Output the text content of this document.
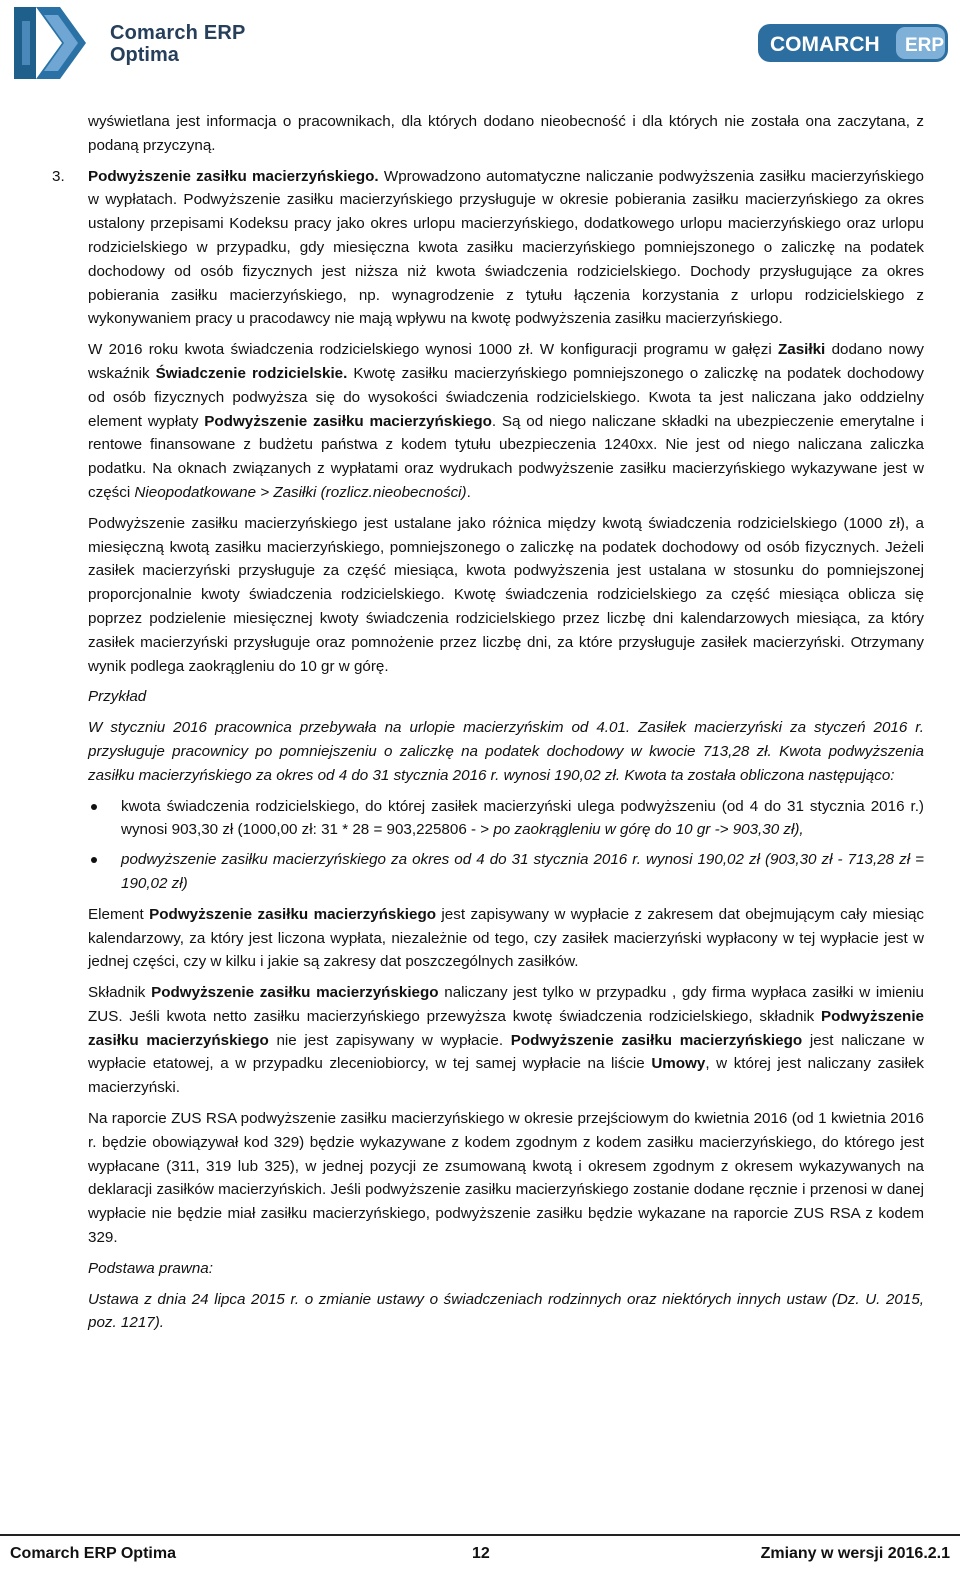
Comarch ERP
Optima	COMARCH ERP

wyświetlana jest informacja o pracownikach, dla których dodano nieobecność i dla których nie została ona zaczytana, z podaną przyczyną.

3. Podwyższenie zasiłku macierzyńskiego. Wprowadzono automatyczne naliczanie podwyższenia zasiłku macierzyńskiego w wypłatach. Podwyższenie zasiłku macierzyńskiego przysługuje w okresie pobierania zasiłku macierzyńskiego za okres ustalony przepisami Kodeksu pracy jako okres urlopu macierzyńskiego, dodatkowego urlopu macierzyńskiego oraz urlopu rodzicielskiego w przypadku, gdy miesięczna kwota zasiłku macierzyńskiego pomniejszonego o zaliczkę na podatek dochodowy od osób fizycznych jest niższa niż kwota świadczenia rodzicielskiego. Dochody przysługujące za okres pobierania zasiłku macierzyńskiego, np. wynagrodzenie z tytułu łączenia korzystania z urlopu rodzicielskiego z wykonywaniem pracy u pracodawcy nie mają wpływu na kwotę podwyższenia zasiłku macierzyńskiego.

W 2016 roku kwota świadczenia rodzicielskiego wynosi 1000 zł. W konfiguracji programu w gałęzi Zasiłki dodano nowy wskaźnik Świadczenie rodzicielskie. Kwotę zasiłku macierzyńskiego pomniejszonego o zaliczkę na podatek dochodowy od osób fizycznych podwyższa się do wysokości świadczenia rodzicielskiego. Kwota ta jest naliczana jako oddzielny element wypłaty Podwyższenie zasiłku macierzyńskiego. Są od niego naliczane składki na ubezpieczenie emerytalne i rentowe finansowane z budżetu państwa z kodem tytułu ubezpieczenia 1240xx. Nie jest od niego naliczana zaliczka podatku. Na oknach związanych z wypłatami oraz wydrukach podwyższenie zasiłku macierzyńskiego wykazywane jest w części Nieopodatkowane > Zasiłki (rozlicz.nieobecności).

Podwyższenie zasiłku macierzyńskiego jest ustalane jako różnica między kwotą świadczenia rodzicielskiego (1000 zł), a miesięczną kwotą zasiłku macierzyńskiego, pomniejszonego o zaliczkę na podatek dochodowy od osób fizycznych. Jeżeli zasiłek macierzyński przysługuje za część miesiąca, kwota podwyższenia jest ustalana w stosunku do pomniejszonej proporcjonalnie kwoty świadczenia rodzicielskiego. Kwotę świadczenia rodzicielskiego za część miesiąca oblicza się poprzez podzielenie miesięcznej kwoty świadczenia rodzicielskiego przez liczbę dni kalendarzowych miesiąca, za który zasiłek macierzyński przysługuje oraz pomnożenie przez liczbę dni, za które przysługuje zasiłek macierzyński. Otrzymany wynik podlega zaokrągleniu do 10 gr w górę.

Przykład

W styczniu 2016 pracownica przebywała na urlopie macierzyńskim od 4.01. Zasiłek macierzyński za styczeń 2016 r. przysługuje pracownicy po pomniejszeniu o zaliczkę na podatek dochodowy w kwocie 713,28 zł. Kwota podwyższenia zasiłku macierzyńskiego za okres od 4 do 31 stycznia 2016 r. wynosi 190,02 zł. Kwota ta została obliczona następująco:

kwota świadczenia rodzicielskiego, do której zasiłek macierzyński ulega podwyższeniu (od 4 do 31 stycznia 2016 r.) wynosi 903,30 zł (1000,00 zł: 31 * 28 = 903,225806 - > po zaokrągleniu w górę do 10 gr -> 903,30 zł),
podwyższenie zasiłku macierzyńskiego za okres od 4 do 31 stycznia 2016 r. wynosi 190,02 zł (903,30 zł - 713,28 zł = 190,02 zł)

Element Podwyższenie zasiłku macierzyńskiego jest zapisywany w wypłacie z zakresem dat obejmującym cały miesiąc kalendarzowy, za który jest liczona wypłata, niezależnie od tego, czy zasiłek macierzyński wypłacony w tej wypłacie jest w jednej części, czy w kilku i jakie są zakresy dat poszczególnych zasiłków.

Składnik Podwyższenie zasiłku macierzyńskiego naliczany jest tylko w przypadku , gdy firma wypłaca zasiłki w imieniu ZUS. Jeśli kwota netto zasiłku macierzyńskiego przewyższa kwotę świadczenia rodzicielskiego, składnik Podwyższenie zasiłku macierzyńskiego nie jest zapisywany w wypłacie. Podwyższenie zasiłku macierzyńskiego jest naliczane w wypłacie etatowej, a w przypadku zleceniobiorcy, w tej samej wypłacie na liście Umowy, w której jest naliczany zasiłek macierzyński.

Na raporcie ZUS RSA podwyższenie zasiłku macierzyńskiego w okresie przejściowym do kwietnia 2016 (od 1 kwietnia 2016 r. będzie obowiązywał kod 329) będzie wykazywane z kodem zgodnym z kodem zasiłku macierzyńskiego, do którego jest wypłacane (311, 319 lub 325), w jednej pozycji ze zsumowaną kwotą i okresem zgodnym z okresem wykazywanych na deklaracji zasiłków macierzyńskich. Jeśli podwyższenie zasiłku macierzyńskiego zostanie dodane ręcznie i przenosi w danej wypłacie nie będzie miał zasiłku macierzyńskiego, podwyższenie zasiłku będzie wykazane na raporcie ZUS RSA z kodem 329.

Podstawa prawna:

Ustawa z dnia 24 lipca 2015 r. o zmianie ustawy o świadczeniach rodzinnych oraz niektórych innych ustaw (Dz. U. 2015, poz. 1217).

Comarch ERP Optima	12	Zmiany w wersji 2016.2.1
